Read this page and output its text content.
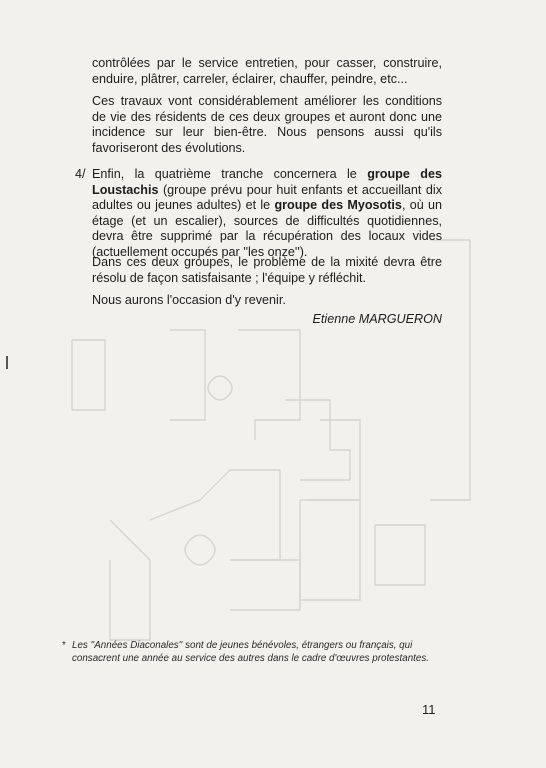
contrôlées par le service entretien, pour casser, construire, enduire, plâtrer, carreler, éclairer, chauffer, peindre, etc...

Ces travaux vont considérablement améliorer les conditions de vie des résidents de ces deux groupes et auront donc une incidence sur leur bien-être. Nous pensons aussi qu'ils favoriseront des évolutions.

4/ Enfin, la quatrième tranche concernera le groupe des Loustachis (groupe prévu pour huit enfants et accueillant dix adultes ou jeunes adultes) et le groupe des Myosotis, où un étage (et un escalier), sources de difficultés quotidiennes, devra être supprimé par la récupération des locaux vides (actuellement occupés par ''les onze'').

Dans ces deux groupes, le problème de la mixité devra être résolu de façon satisfaisante ; l'équipe y réfléchit.

Nous aurons l'occasion d'y revenir.

Etienne MARGUERON

* Les ''Années Diaconales'' sont de jeunes bénévoles, étrangers ou français, qui consacrent une année au service des autres dans le cadre d'œuvres protestantes.

11
